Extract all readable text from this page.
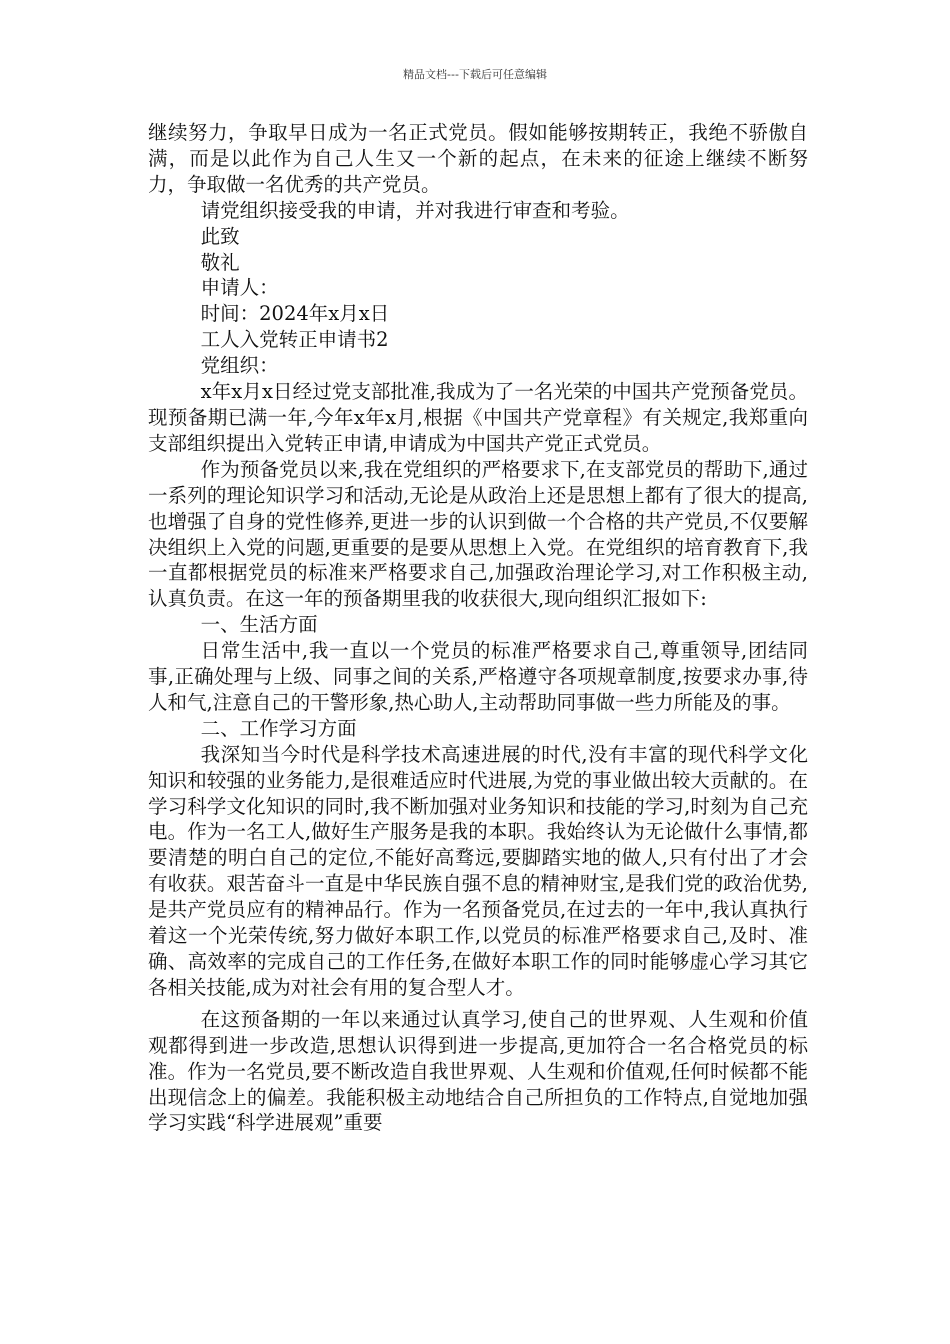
精品文档---下载后可任意编辑

继续努力，争取早日成为一名正式党员。假如能够按期转正，我绝不骄傲自满，而是以此作为自己人生又一个新的起点，在未来的征途上继续不断努力，争取做一名优秀的共产党员。

请党组织接受我的申请，并对我进行审查和考验。

此致

敬礼

申请人：

时间：2024年x月x日

工人入党转正申请书2

党组织：

x年x月x日经过党支部批准,我成为了一名光荣的中国共产党预备党员。现预备期已满一年,今年x年x月,根据《中国共产党章程》有关规定,我郑重向支部组织提出入党转正申请,申请成为中国共产党正式党员。

作为预备党员以来,我在党组织的严格要求下,在支部党员的帮助下,通过一系列的理论知识学习和活动,无论是从政治上还是思想上都有了很大的提高,也增强了自身的党性修养,更进一步的认识到做一个合格的共产党员,不仅要解决组织上入党的问题,更重要的是要从思想上入党。在党组织的培育教育下,我一直都根据党员的标准来严格要求自己,加强政治理论学习,对工作积极主动,认真负责。在这一年的预备期里我的收获很大,现向组织汇报如下:

一、生活方面

日常生活中,我一直以一个党员的标准严格要求自己,尊重领导,团结同事,正确处理与上级、同事之间的关系,严格遵守各项规章制度,按要求办事,待人和气,注意自己的干警形象,热心助人,主动帮助同事做一些力所能及的事。

二、工作学习方面

我深知当今时代是科学技术高速进展的时代,没有丰富的现代科学文化知识和较强的业务能力,是很难适应时代进展,为党的事业做出较大贡献的。在学习科学文化知识的同时,我不断加强对业务知识和技能的学习,时刻为自己充电。作为一名工人,做好生产服务是我的本职。我始终认为无论做什么事情,都要清楚的明白自己的定位,不能好高骛远,要脚踏实地的做人,只有付出了才会有收获。艰苦奋斗一直是中华民族自强不息的精神财宝,是我们党的政治优势,是共产党员应有的精神品行。作为一名预备党员,在过去的一年中,我认真执行着这一个光荣传统,努力做好本职工作,以党员的标准严格要求自己,及时、准确、高效率的完成自己的工作任务,在做好本职工作的同时能够虚心学习其它各相关技能,成为对社会有用的复合型人才。

在这预备期的一年以来通过认真学习,使自己的世界观、人生观和价值观都得到进一步改造,思想认识得到进一步提高,更加符合一名合格党员的标准。作为一名党员,要不断改造自我世界观、人生观和价值观,任何时候都不能出现信念上的偏差。我能积极主动地结合自己所担负的工作特点,自觉地加强学习实践“科学进展观”重要
